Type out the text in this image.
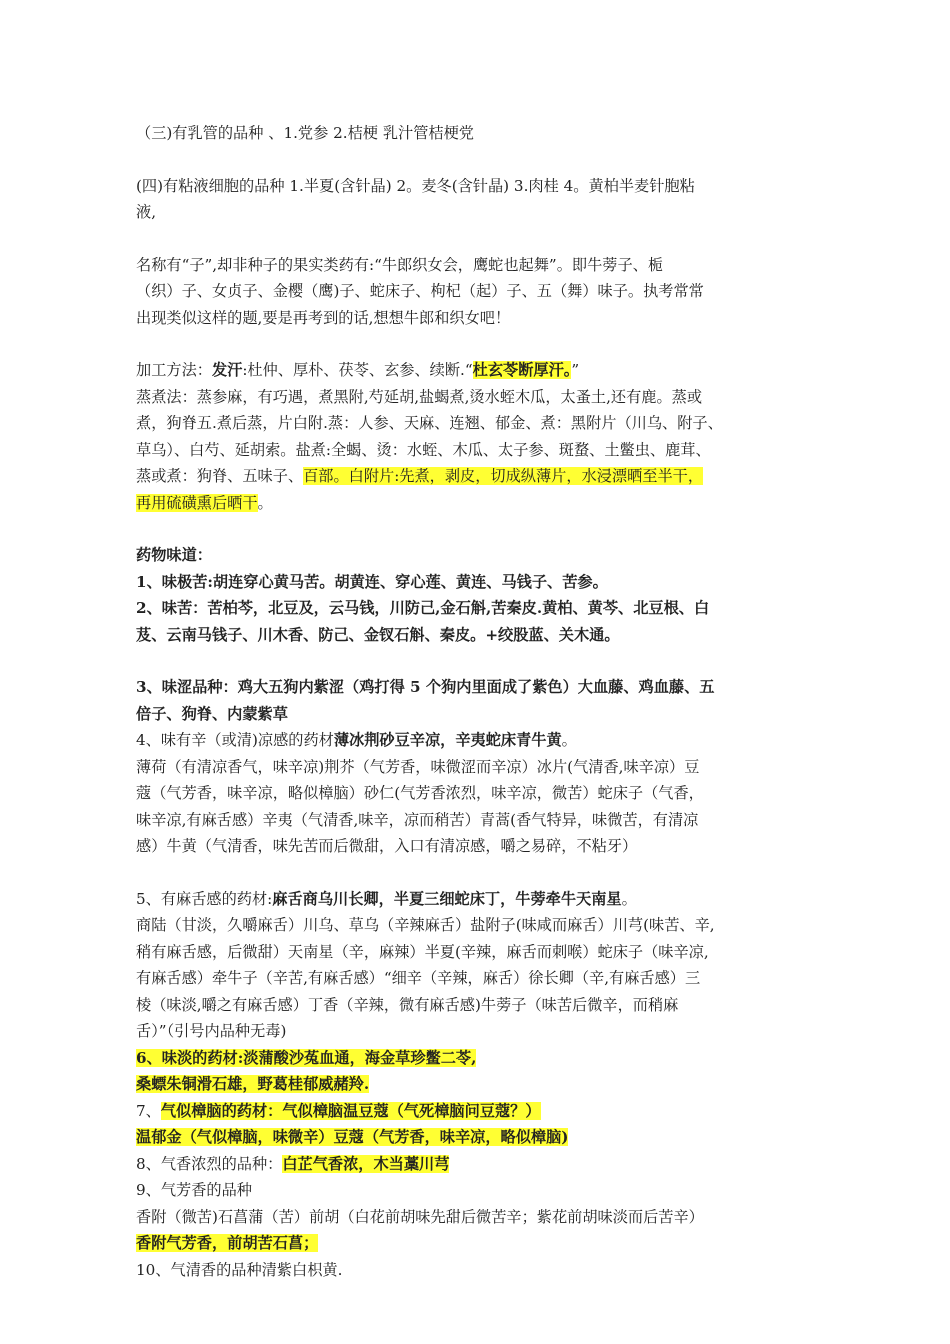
（三)有乳管的品种 、1.党参 2.桔梗 乳汁管桔梗党

(四)有粘液细胞的品种 1.半夏(含针晶) 2。麦冬(含针晶) 3.肉桂 4。黄柏半麦针胞粘

液,

名称有“子”,却非种子的果实类药有:“牛郎织女会，鹰蛇也起舞”。即牛蒡子、栀

（织）子、女贞子、金樱（鹰)子、蛇床子、枸杞（起）子、五（舞）味子。执考常常

出现类似这样的题,要是再考到的话,想想牛郎和织女吧！

加工方法：发汗:杜仲、厚朴、茯苓、玄参、续断.“杜玄苓断厚汗。”

蒸煮法：蒸参麻，有巧遇，煮黑附,芍延胡,盐蝎煮,烫水蛭木瓜，太蚤土,还有鹿。蒸或

煮，狗脊五.煮后蒸，片白附.蒸：人参、天麻、连翘、郁金、煮：黑附片（川乌、附子、

草乌）、白芍、延胡索。盐煮:全蝎、烫：水蛭、木瓜、太子参、斑蝥、土鳖虫、鹿茸、

蒸或煮：狗脊、五味子、百部。白附片:先煮，剥皮，切成纵薄片，水浸漂晒至半干，

再用硫磺熏后晒干。

药物味道：

1、味极苦:胡连穿心黄马苦。胡黄连、穿心莲、黄连、马钱子、苦参。

2、味苦：苦柏芩，北豆及，云马钱，川防己,金石斛,苦秦皮.黄柏、黄芩、北豆根、白

芨、云南马钱子、川木香、防己、金钗石斛、秦皮。+绞股蓝、关木通。

3、味涩品种：鸡大五狗内紫涩（鸡打得 5 个狗内里面成了紫色）大血藤、鸡血藤、五

倍子、狗脊、内蒙紫草

4、味有辛（或清)凉感的药材薄冰荆砂豆辛凉，辛夷蛇床青牛黄。

薄荷（有清凉香气，味辛凉)荆芥（气芳香，味微涩而辛凉）冰片(气清香,味辛凉）豆

蔻（气芳香，味辛凉，略似樟脑）砂仁(气芳香浓烈，味辛凉，微苦）蛇床子（气香，

味辛凉,有麻舌感）辛夷（气清香,味辛，凉而稍苦）青蒿(香气特异，味微苦，有清凉

感）牛黄（气清香，味先苦而后微甜，入口有清凉感，嚼之易碎，不粘牙）

5、有麻舌感的药材:麻舌商乌川长卿，半夏三细蛇床丁，牛蒡牵牛天南星。

商陆（甘淡，久嚼麻舌）川乌、草乌（辛辣麻舌）盐附子(味咸而麻舌）川芎(味苦、辛,

稍有麻舌感，后微甜）天南星（辛，麻辣）半夏(辛辣，麻舌而刺喉）蛇床子（味辛凉,

有麻舌感）牵牛子（辛苦,有麻舌感）“细辛（辛辣，麻舌）徐长卿（辛,有麻舌感）三

棱（味淡,嚼之有麻舌感）丁香（辛辣，微有麻舌感)牛蒡子（味苦后微辛，而稍麻

舌）”（引号内品种无毒)

6、味淡的药材:淡蒲酸沙菟血通，海金草珍鳖二苓,

桑螵朱铜滑石雄，野葛桂郁威赭羚.

7、气似樟脑的药材：气似樟脑温豆蔻（气死樟脑问豆蔻？）

温郁金（气似樟脑，味微辛）豆蔻（气芳香，味辛凉，略似樟脑)

8、气香浓烈的品种：白芷气香浓，木当藁川芎

9、气芳香的品种

香附（微苦)石菖蒲（苦）前胡（白花前胡味先甜后微苦辛；紫花前胡味淡而后苦辛）

香附气芳香，前胡苦石菖；

10、气清香的品种清紫白枳黄.
